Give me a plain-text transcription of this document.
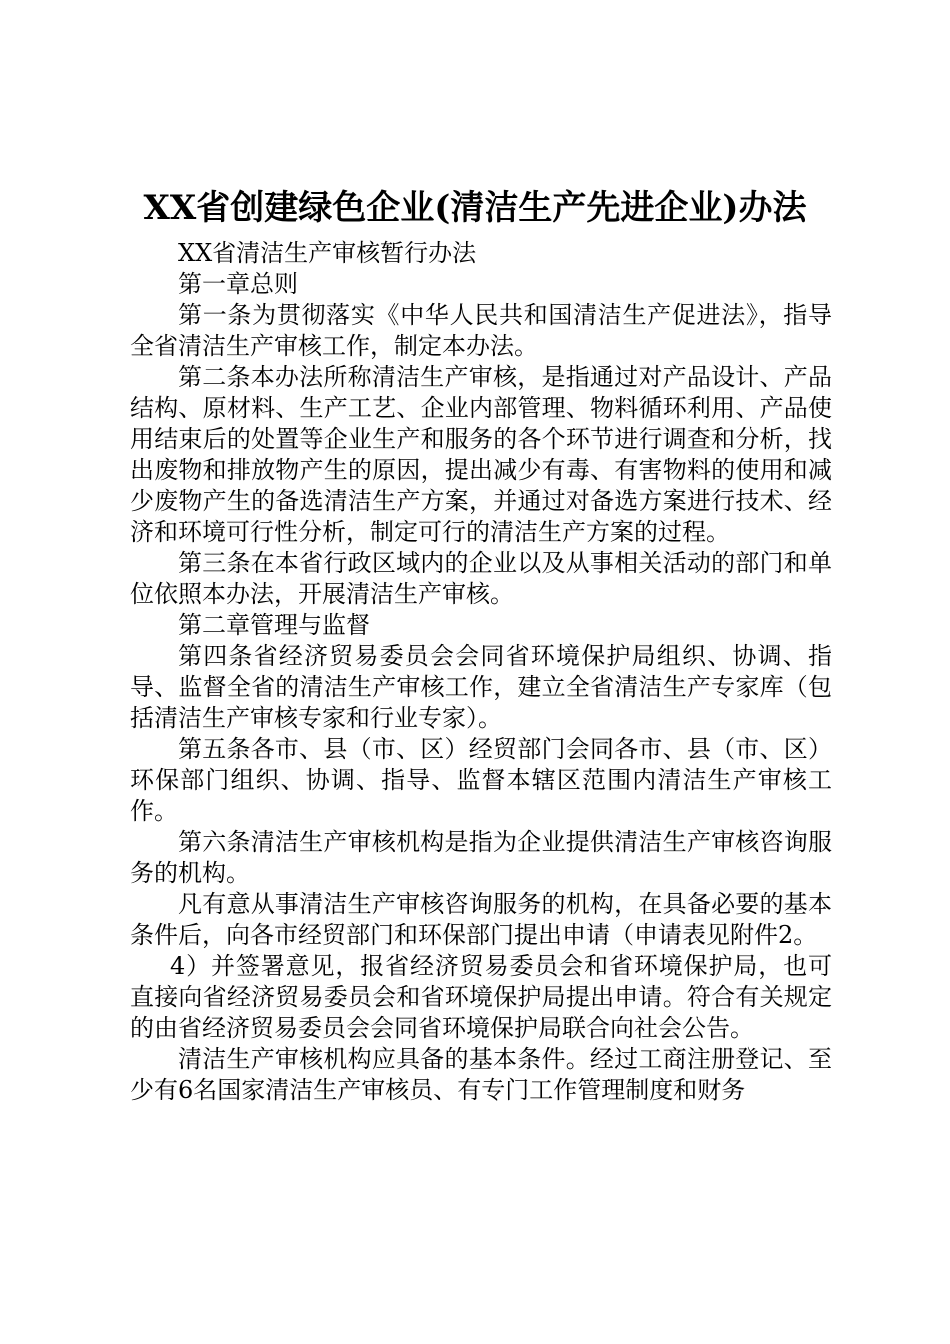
XX省创建绿色企业(清洁生产先进企业)办法

XX省清洁生产审核暂行办法

第一章总则

第一条为贯彻落实《中华人民共和国清洁生产促进法》，指导全省清洁生产审核工作，制定本办法。

第二条本办法所称清洁生产审核，是指通过对产品设计、产品结构、原材料、生产工艺、企业内部管理、物料循环利用、产品使用结束后的处置等企业生产和服务的各个环节进行调查和分析，找出废物和排放物产生的原因，提出减少有毒、有害物料的使用和减少废物产生的备选清洁生产方案，并通过对备选方案进行技术、经济和环境可行性分析，制定可行的清洁生产方案的过程。

第三条在本省行政区域内的企业以及从事相关活动的部门和单位依照本办法，开展清洁生产审核。

第二章管理与监督

第四条省经济贸易委员会会同省环境保护局组织、协调、指导、监督全省的清洁生产审核工作，建立全省清洁生产专家库（包括清洁生产审核专家和行业专家）。

第五条各市、县（市、区）经贸部门会同各市、县（市、区）环保部门组织、协调、指导、监督本辖区范围内清洁生产审核工作。

第六条清洁生产审核机构是指为企业提供清洁生产审核咨询服务的机构。

凡有意从事清洁生产审核咨询服务的机构，在具备必要的基本条件后，向各市经贸部门和环保部门提出申请（申请表见附件2。

4）并签署意见，报省经济贸易委员会和省环境保护局，也可直接向省经济贸易委员会和省环境保护局提出申请。符合有关规定的由省经济贸易委员会会同省环境保护局联合向社会公告。

清洁生产审核机构应具备的基本条件。经过工商注册登记、至少有6名国家清洁生产审核员、有专门工作管理制度和财务
